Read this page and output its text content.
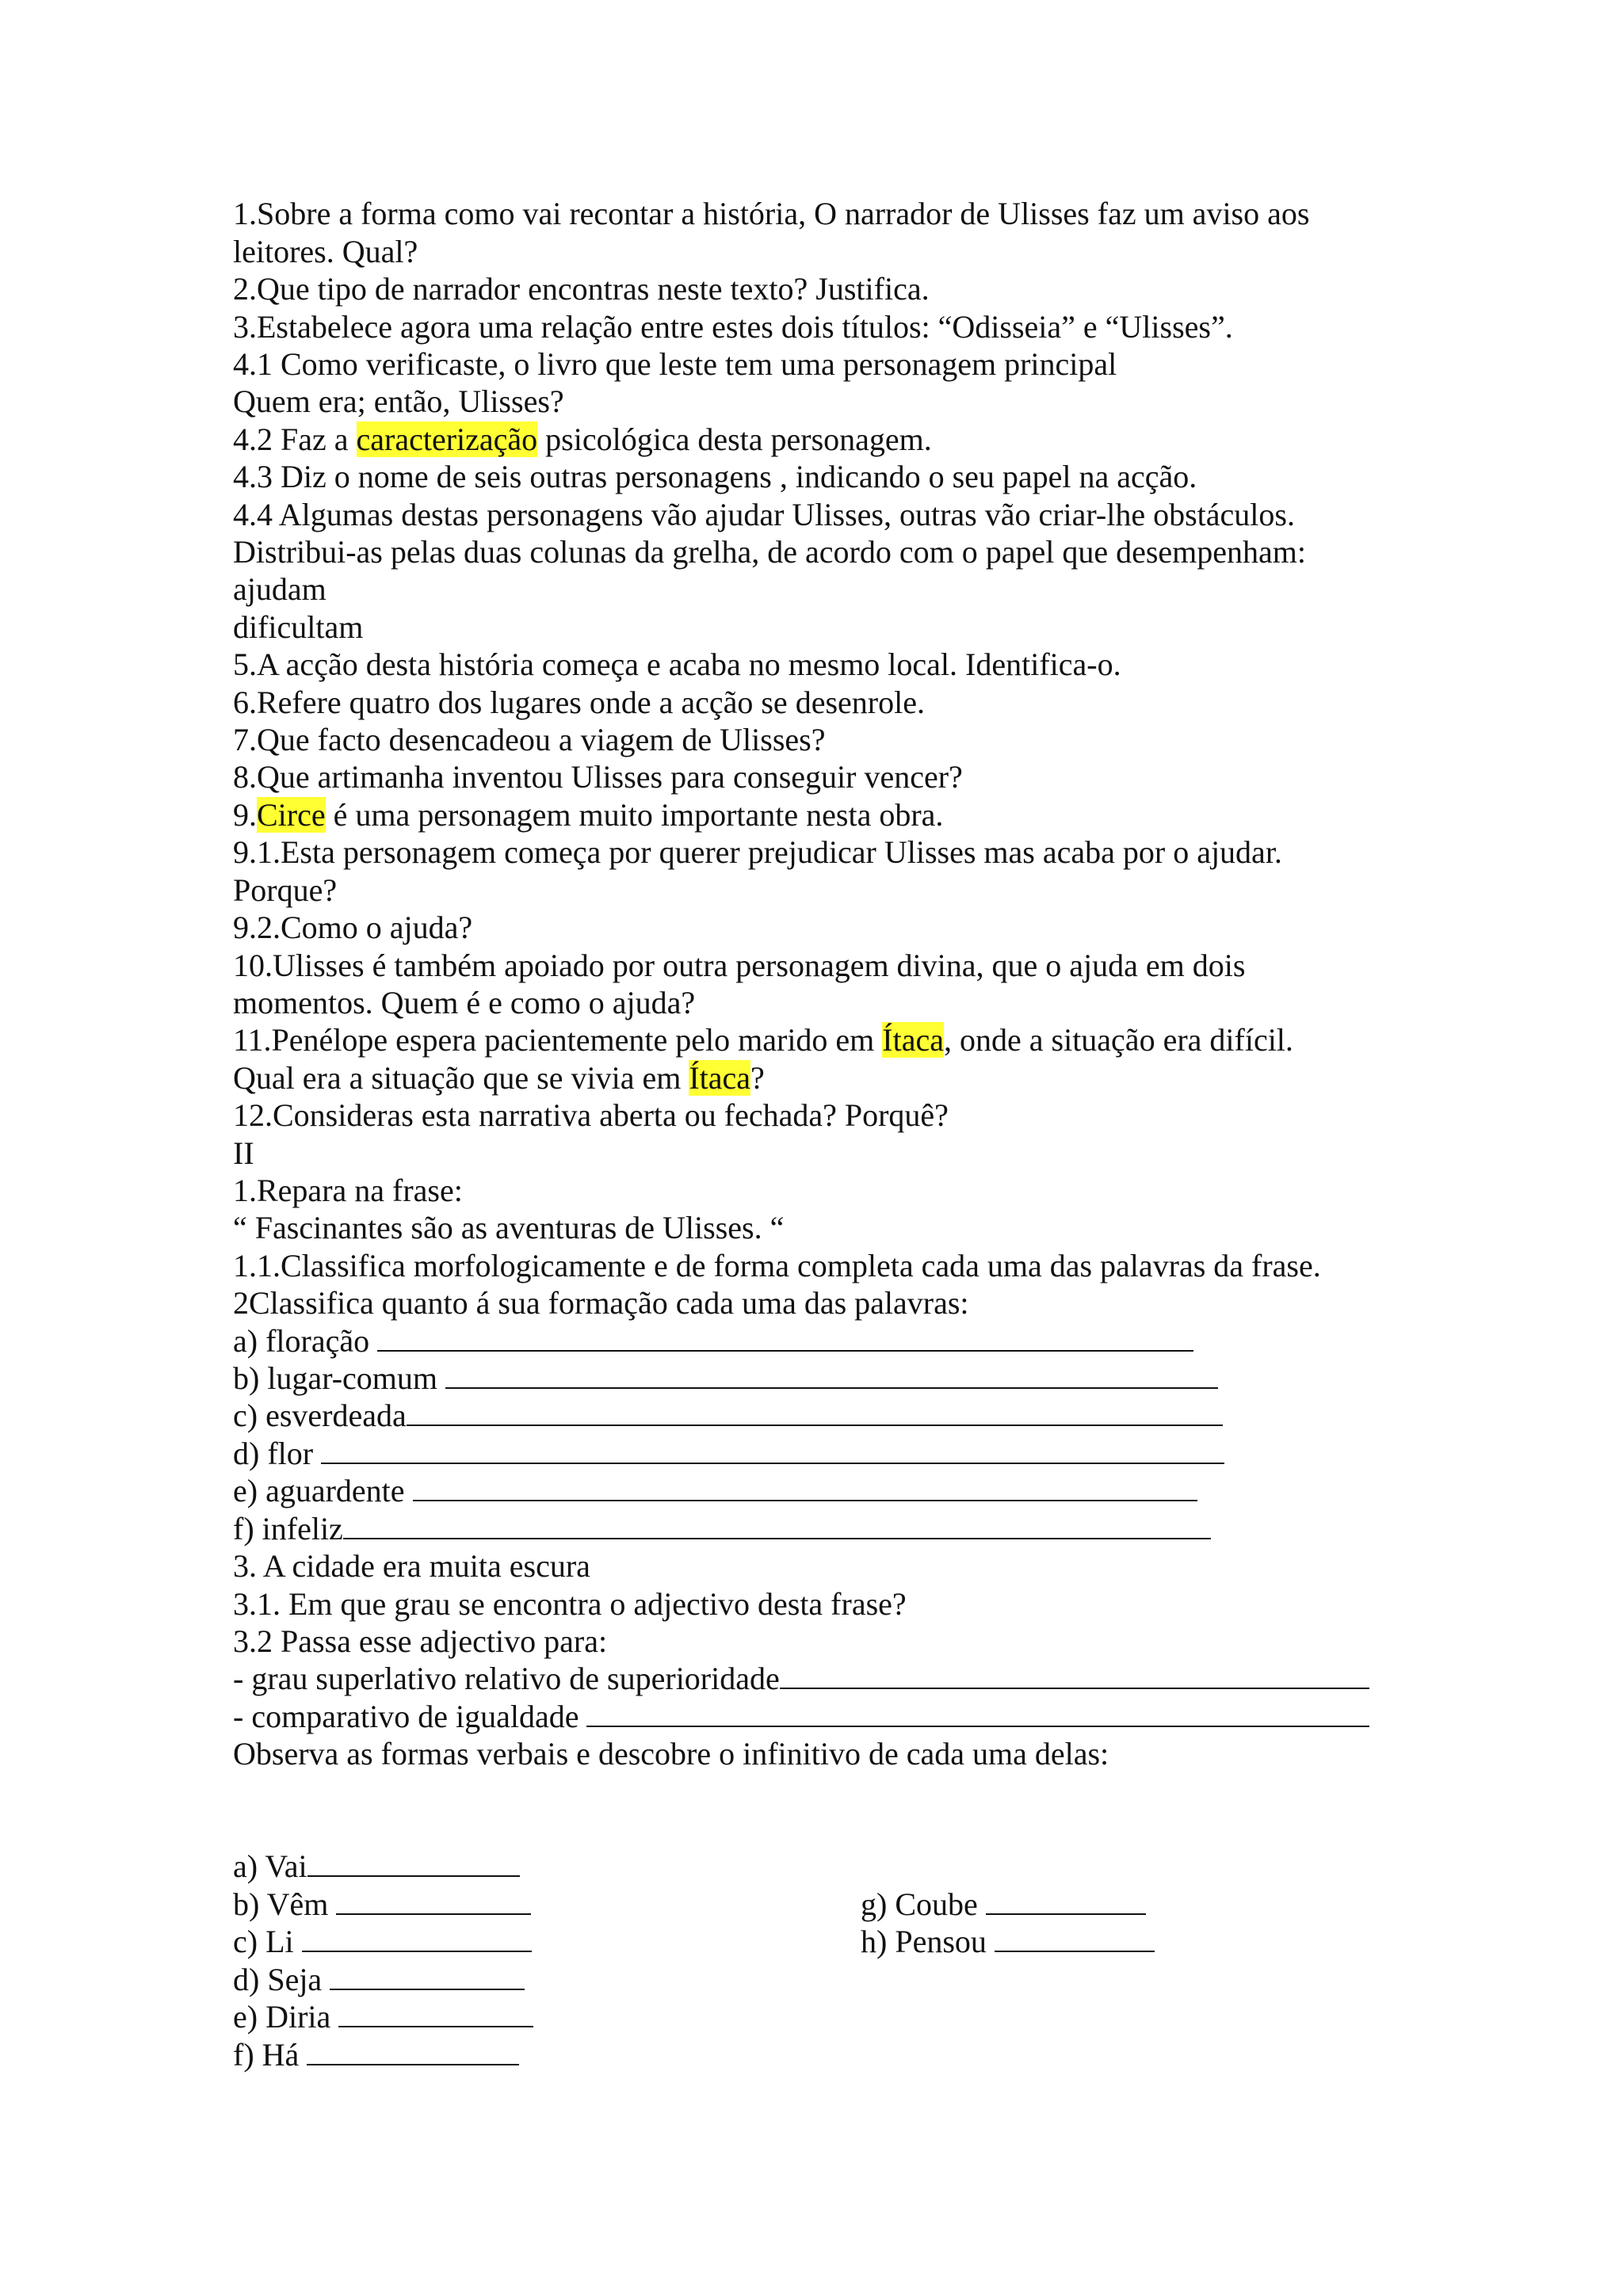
1.Sobre a forma como vai recontar a história, O narrador de Ulisses faz um aviso aos
leitores. Qual?
2.Que tipo de narrador encontras neste texto? Justifica.
3.Estabelece agora uma relação entre estes dois títulos: “Odisseia” e “Ulisses”.
4.1 Como verificaste, o livro que leste tem uma personagem principal
Quem era; então, Ulisses?
4.2 Faz a caracterização psicológica desta personagem.
4.3 Diz o nome de seis outras personagens , indicando o seu papel na acção.
4.4 Algumas destas personagens vão ajudar Ulisses, outras vão criar-lhe obstáculos.
Distribui-as pelas duas colunas da grelha, de acordo com o papel que desempenham:
ajudam
dificultam
5.A acção desta história começa e acaba no mesmo local. Identifica-o.
6.Refere quatro dos lugares onde a acção se desenrole.
7.Que facto desencadeou a viagem de Ulisses?
8.Que artimanha inventou Ulisses para conseguir vencer?
9.Circe é uma personagem muito importante nesta obra.
9.1.Esta personagem começa por querer prejudicar Ulisses mas acaba por o ajudar.
Porque?
9.2.Como o ajuda?
10.Ulisses é também apoiado por outra personagem divina, que o ajuda em dois
momentos. Quem é e como o ajuda?
11.Penélope espera pacientemente pelo marido em Ítaca, onde a situação era difícil.
Qual era a situação que se vivia em Ítaca?
12.Consideras esta narrativa aberta ou fechada? Porquê?
II
1.Repara na frase:
“ Fascinantes são as aventuras de Ulisses. “
1.1.Classifica morfologicamente e de forma completa cada uma das palavras da frase.
2Classifica quanto á sua formação cada uma das palavras:
a) floração
b) lugar-comum
c) esverdeada
d) flor
e) aguardente
f) infeliz
3. A cidade era muita escura
3.1. Em que grau se encontra o adjectivo desta frase?
3.2 Passa esse adjectivo para:
- grau superlativo relativo de superioridade
- comparativo de igualdade
Observa as formas verbais e descobre o infinitivo de cada uma delas:
a) Vai
b) Vêm
c) Li
d) Seja
e) Diria
f) Há
g) Coube
h) Pensou
